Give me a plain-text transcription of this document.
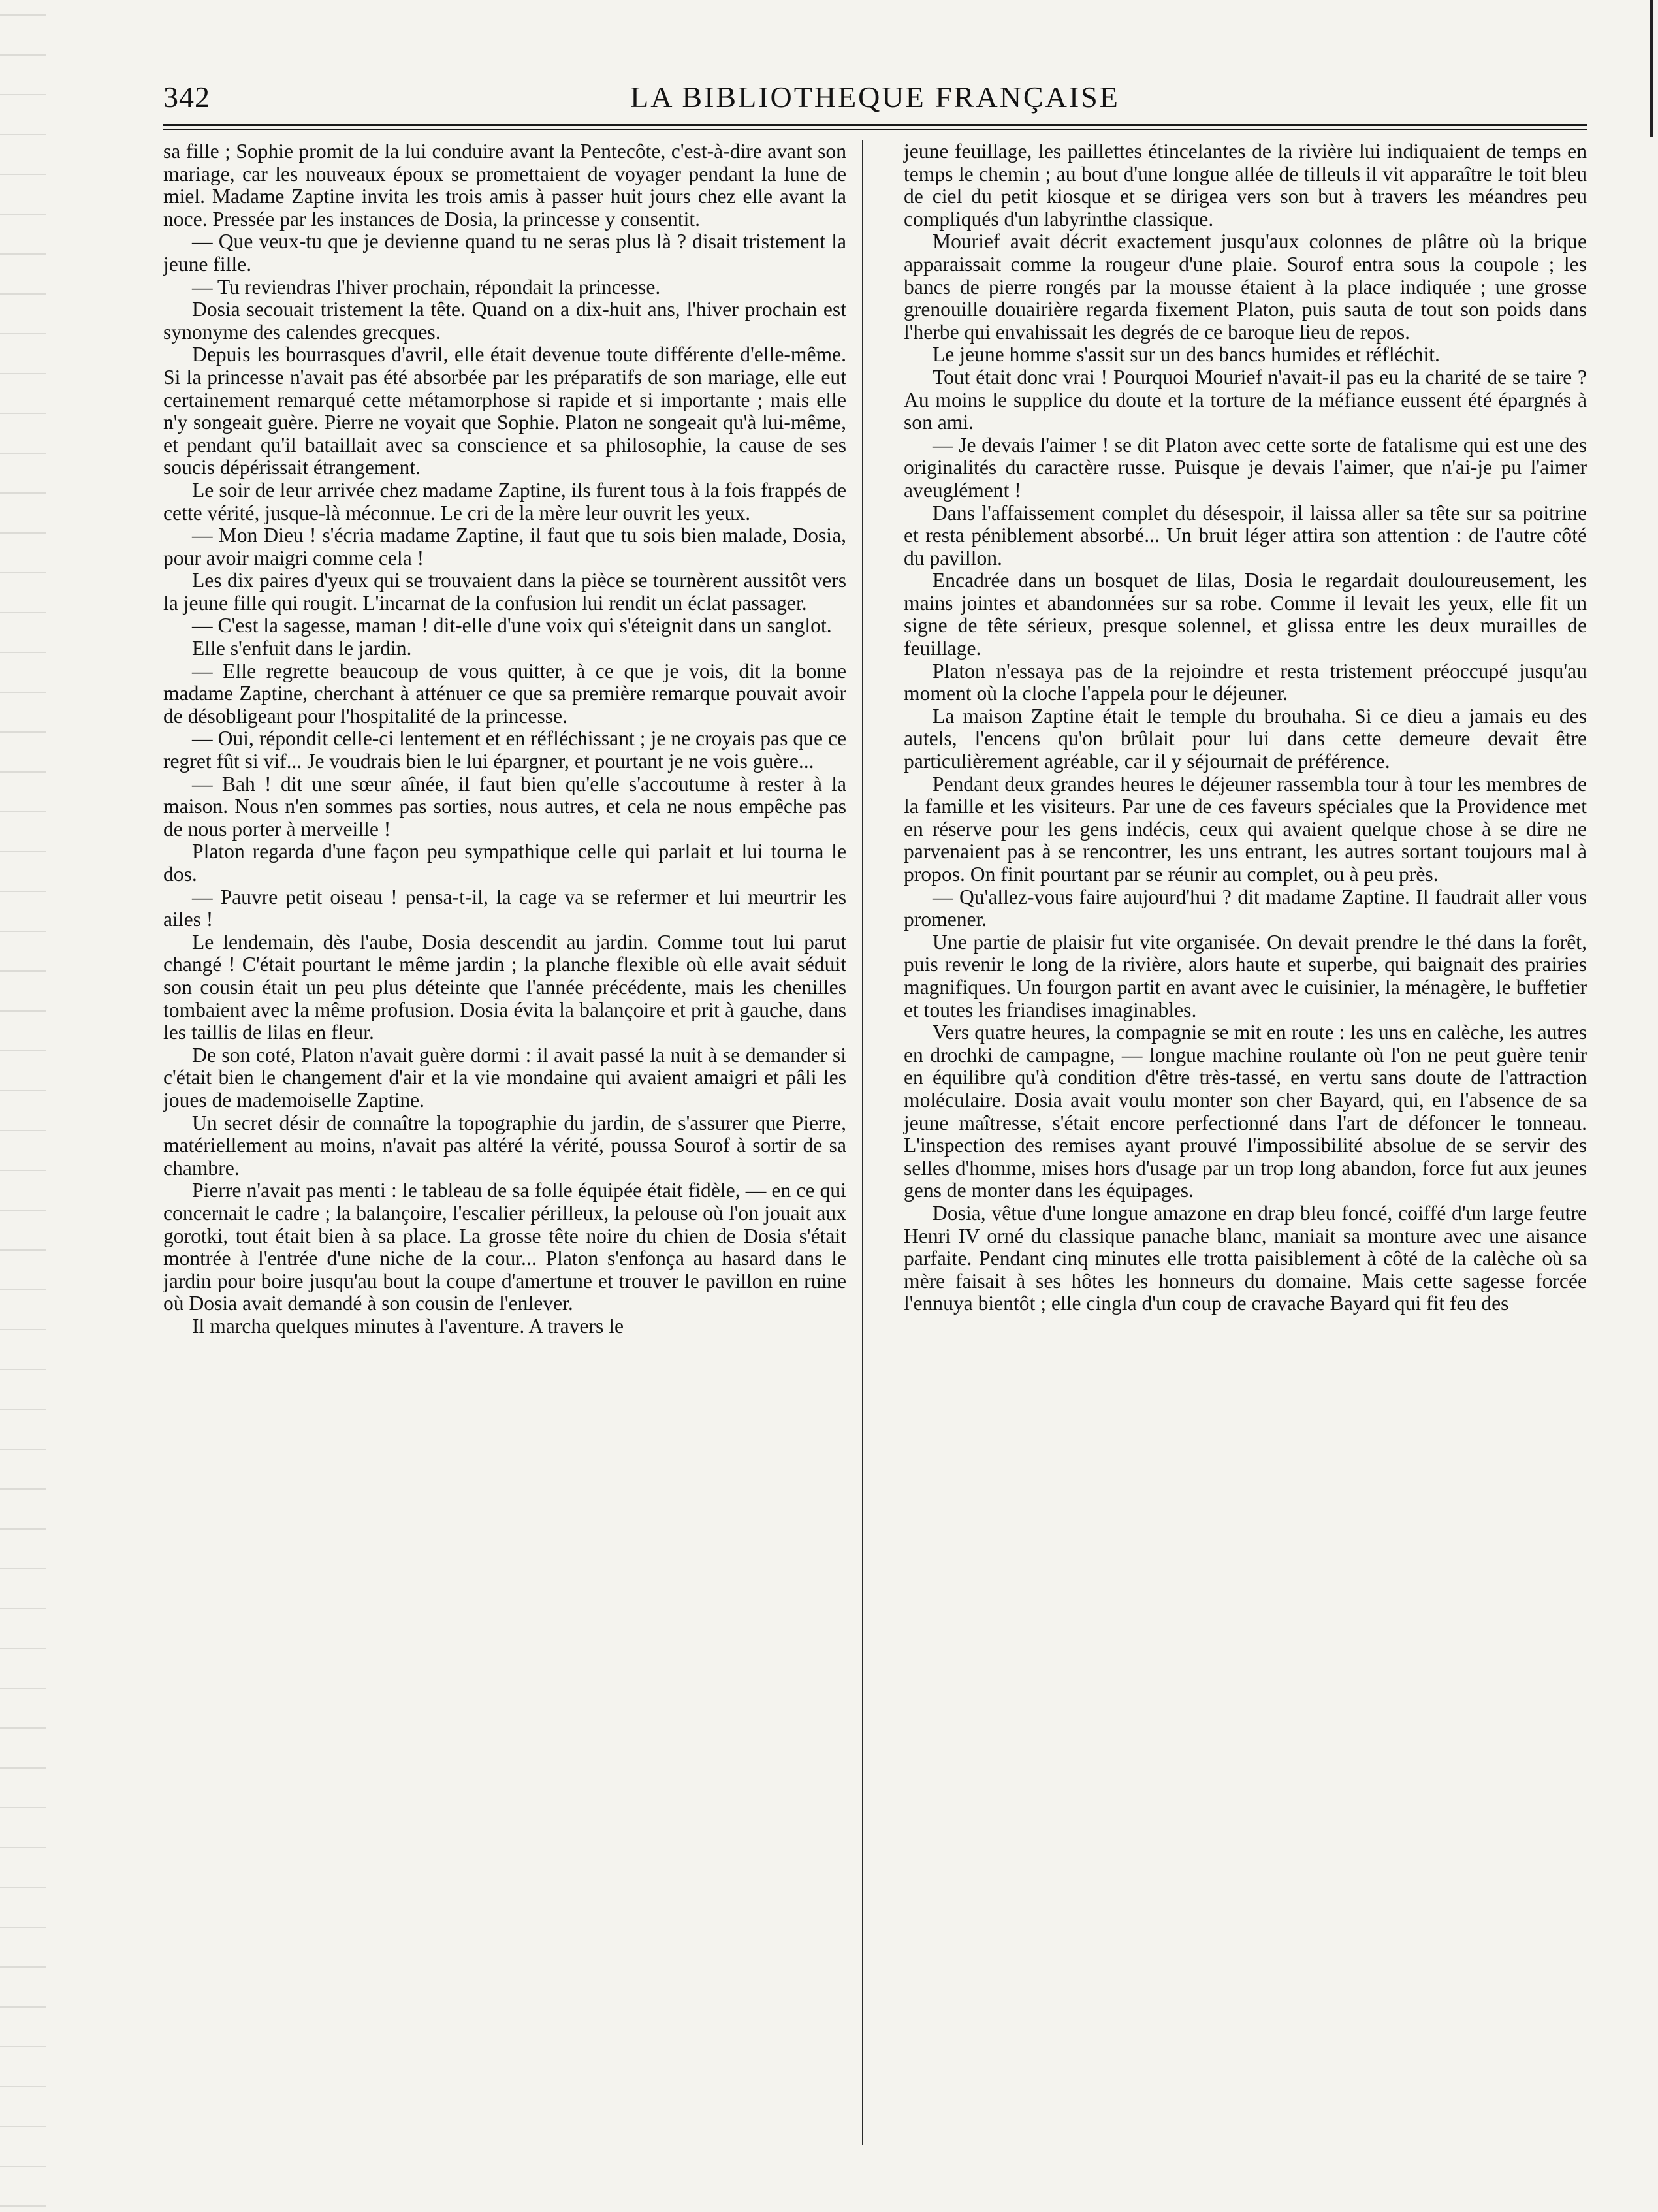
342	LA BIBLIOTHEQUE FRANÇAISE

sa fille ; Sophie promit de la lui conduire avant la Pentecôte, c'est-à-dire avant son mariage, car les nouveaux époux se promettaient de voyager pendant la lune de miel. Madame Zaptine invita les trois amis à passer huit jours chez elle avant la noce. Pressée par les instances de Dosia, la princesse y consentit.

— Que veux-tu que je devienne quand tu ne seras plus là ? disait tristement la jeune fille.

— Tu reviendras l'hiver prochain, répondait la princesse.

Dosia secouait tristement la tête. Quand on a dix-huit ans, l'hiver prochain est synonyme des calendes grecques.

Depuis les bourrasques d'avril, elle était devenue toute différente d'elle-même. Si la princesse n'avait pas été absorbée par les préparatifs de son mariage, elle eut certainement remarqué cette métamorphose si rapide et si importante ; mais elle n'y songeait guère. Pierre ne voyait que Sophie. Platon ne songeait qu'à lui-même, et pendant qu'il bataillait avec sa conscience et sa philosophie, la cause de ses soucis dépérissait étrangement.

Le soir de leur arrivée chez madame Zaptine, ils furent tous à la fois frappés de cette vérité, jusque-là méconnue. Le cri de la mère leur ouvrit les yeux.

— Mon Dieu ! s'écria madame Zaptine, il faut que tu sois bien malade, Dosia, pour avoir maigri comme cela !

Les dix paires d'yeux qui se trouvaient dans la pièce se tournèrent aussitôt vers la jeune fille qui rougit. L'incarnat de la confusion lui rendit un éclat passager.

— C'est la sagesse, maman ! dit-elle d'une voix qui s'éteignit dans un sanglot.

Elle s'enfuit dans le jardin.

— Elle regrette beaucoup de vous quitter, à ce que je vois, dit la bonne madame Zaptine, cherchant à atténuer ce que sa première remarque pouvait avoir de désobligeant pour l'hospitalité de la princesse.

— Oui, répondit celle-ci lentement et en réfléchissant ; je ne croyais pas que ce regret fût si vif... Je voudrais bien le lui épargner, et pourtant je ne vois guère...

— Bah ! dit une sœur aînée, il faut bien qu'elle s'accoutume à rester à la maison. Nous n'en sommes pas sorties, nous autres, et cela ne nous empêche pas de nous porter à merveille !

Platon regarda d'une façon peu sympathique celle qui parlait et lui tourna le dos.

— Pauvre petit oiseau ! pensa-t-il, la cage va se refermer et lui meurtrir les ailes !

Le lendemain, dès l'aube, Dosia descendit au jardin. Comme tout lui parut changé ! C'était pourtant le même jardin ; la planche flexible où elle avait séduit son cousin était un peu plus déteinte que l'année précédente, mais les chenilles tombaient avec la même profusion. Dosia évita la balançoire et prit à gauche, dans les taillis de lilas en fleur.

De son coté, Platon n'avait guère dormi : il avait passé la nuit à se demander si c'était bien le changement d'air et la vie mondaine qui avaient amaigri et pâli les joues de mademoiselle Zaptine.

Un secret désir de connaître la topographie du jardin, de s'assurer que Pierre, matériellement au moins, n'avait pas altéré la vérité, poussa Sourof à sortir de sa chambre.

Pierre n'avait pas menti : le tableau de sa folle équipée était fidèle, — en ce qui concernait le cadre ; la balançoire, l'escalier périlleux, la pelouse où l'on jouait aux gorotki, tout était bien à sa place. La grosse tête noire du chien de Dosia s'était montrée à l'entrée d'une niche de la cour... Platon s'enfonça au hasard dans le jardin pour boire jusqu'au bout la coupe d'amertune et trouver le pavillon en ruine où Dosia avait demandé à son cousin de l'enlever.

Il marcha quelques minutes à l'aventure. A travers le

jeune feuillage, les paillettes étincelantes de la rivière lui indiquaient de temps en temps le chemin ; au bout d'une longue allée de tilleuls il vit apparaître le toit bleu de ciel du petit kiosque et se dirigea vers son but à travers les méandres peu compliqués d'un labyrinthe classique.

Mourief avait décrit exactement jusqu'aux colonnes de plâtre où la brique apparaissait comme la rougeur d'une plaie. Sourof entra sous la coupole ; les bancs de pierre rongés par la mousse étaient à la place indiquée ; une grosse grenouille douairière regarda fixement Platon, puis sauta de tout son poids dans l'herbe qui envahissait les degrés de ce baroque lieu de repos.

Le jeune homme s'assit sur un des bancs humides et réfléchit.

Tout était donc vrai ! Pourquoi Mourief n'avait-il pas eu la charité de se taire ? Au moins le supplice du doute et la torture de la méfiance eussent été épargnés à son ami.

— Je devais l'aimer ! se dit Platon avec cette sorte de fatalisme qui est une des originalités du caractère russe. Puisque je devais l'aimer, que n'ai-je pu l'aimer aveuglément !

Dans l'affaissement complet du désespoir, il laissa aller sa tête sur sa poitrine et resta péniblement absorbé... Un bruit léger attira son attention : de l'autre côté du pavillon.

Encadrée dans un bosquet de lilas, Dosia le regardait douloureusement, les mains jointes et abandonnées sur sa robe. Comme il levait les yeux, elle fit un signe de tête sérieux, presque solennel, et glissa entre les deux murailles de feuillage.

Platon n'essaya pas de la rejoindre et resta tristement préoccupé jusqu'au moment où la cloche l'appela pour le déjeuner.

La maison Zaptine était le temple du brouhaha. Si ce dieu a jamais eu des autels, l'encens qu'on brûlait pour lui dans cette demeure devait être particulièrement agréable, car il y séjournait de préférence.

Pendant deux grandes heures le déjeuner rassembla tour à tour les membres de la famille et les visiteurs. Par une de ces faveurs spéciales que la Providence met en réserve pour les gens indécis, ceux qui avaient quelque chose à se dire ne parvenaient pas à se rencontrer, les uns entrant, les autres sortant toujours mal à propos. On finit pourtant par se réunir au complet, ou à peu près.

— Qu'allez-vous faire aujourd'hui ? dit madame Zaptine. Il faudrait aller vous promener.

Une partie de plaisir fut vite organisée. On devait prendre le thé dans la forêt, puis revenir le long de la rivière, alors haute et superbe, qui baignait des prairies magnifiques. Un fourgon partit en avant avec le cuisinier, la ménagère, le buffetier et toutes les friandises imaginables.

Vers quatre heures, la compagnie se mit en route : les uns en calèche, les autres en drochki de campagne, — longue machine roulante où l'on ne peut guère tenir en équilibre qu'à condition d'être très-tassé, en vertu sans doute de l'attraction moléculaire. Dosia avait voulu monter son cher Bayard, qui, en l'absence de sa jeune maîtresse, s'était encore perfectionné dans l'art de défoncer le tonneau. L'inspection des remises ayant prouvé l'impossibilité absolue de se servir des selles d'homme, mises hors d'usage par un trop long abandon, force fut aux jeunes gens de monter dans les équipages.

Dosia, vêtue d'une longue amazone en drap bleu foncé, coiffé d'un large feutre Henri IV orné du classique panache blanc, maniait sa monture avec une aisance parfaite. Pendant cinq minutes elle trotta paisiblement à côté de la calèche où sa mère faisait à ses hôtes les honneurs du domaine. Mais cette sagesse forcée l'ennuya bientôt ; elle cingla d'un coup de cravache Bayard qui fit feu des
